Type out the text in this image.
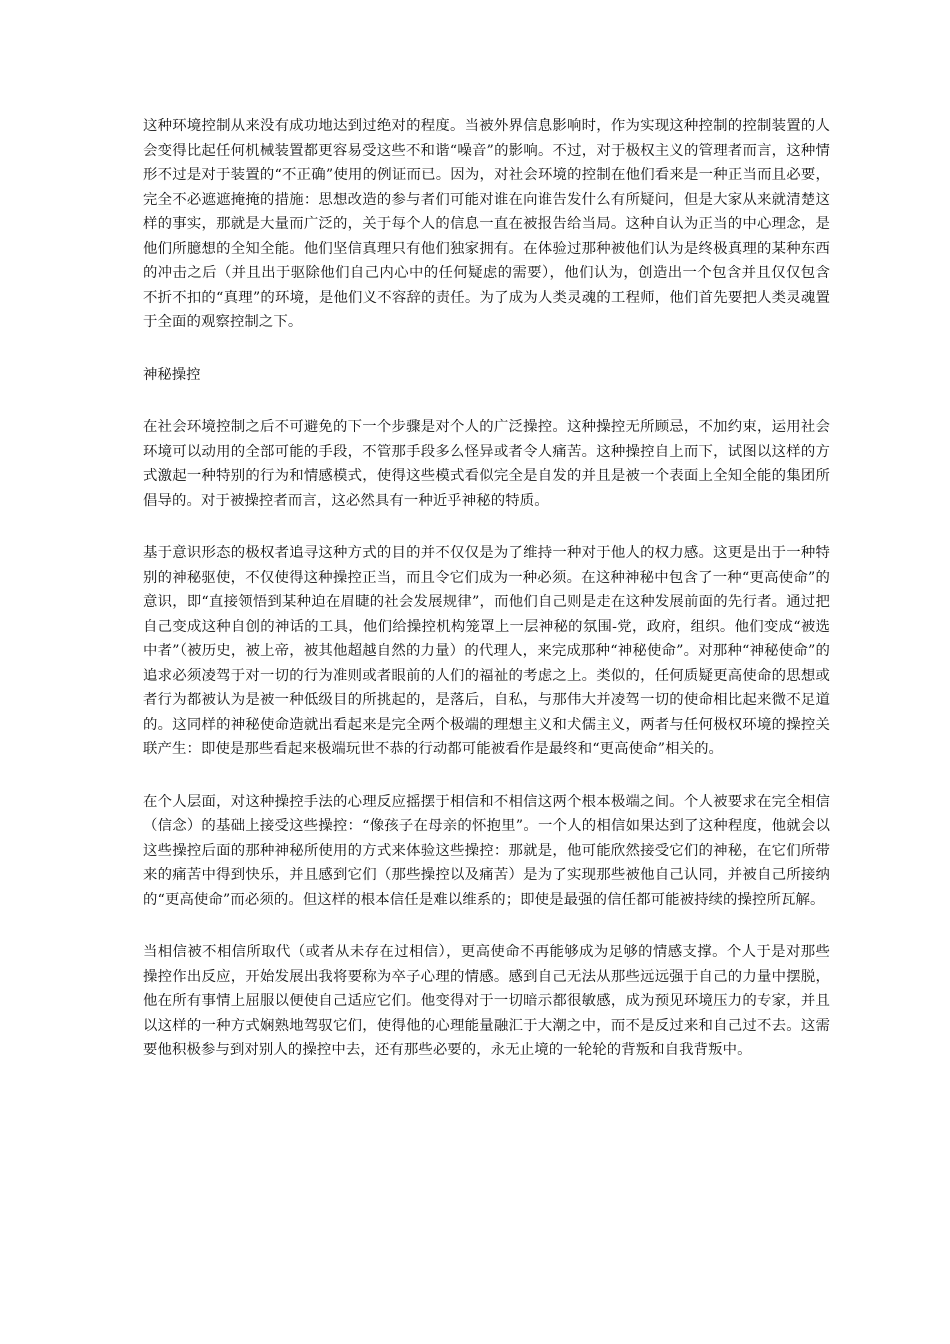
这种环境控制从来没有成功地达到过绝对的程度。当被外界信息影响时，作为实现这种控制的控制装置的人会变得比起任何机械装置都更容易受这些不和谐“噪音”的影响。不过，对于极权主义的管理者而言，这种情形不过是对于装置的“不正确”使用的例证而已。因为，对社会环境的控制在他们看来是一种正当而且必要，完全不必遮遮掩掩的措施：思想改造的参与者们可能对谁在向谁告发什么有所疑问，但是大家从来就清楚这样的事实，那就是大量而广泛的，关于每个人的信息一直在被报告给当局。这种自认为正当的中心理念，是他们所臆想的全知全能。他们坚信真理只有他们独家拥有。在体验过那种被他们认为是终极真理的某种东西的冲击之后（并且出于驱除他们自己内心中的任何疑虑的需要），他们认为，创造出一个包含并且仅仅包含不折不扣的“真理”的环境，是他们义不容辞的责任。为了成为人类灵魂的工程师，他们首先要把人类灵魂置于全面的观察控制之下。

神秘操控

在社会环境控制之后不可避免的下一个步骤是对个人的广泛操控。这种操控无所顾忌，不加约束，运用社会环境可以动用的全部可能的手段，不管那手段多么怪异或者令人痛苦。这种操控自上而下，试图以这样的方式激起一种特别的行为和情感模式，使得这些模式看似完全是自发的并且是被一个表面上全知全能的集团所倡导的。对于被操控者而言，这必然具有一种近乎神秘的特质。

基于意识形态的极权者追寻这种方式的目的并不仅仅是为了维持一种对于他人的权力感。这更是出于一种特别的神秘驱使，不仅使得这种操控正当，而且令它们成为一种必须。在这种神秘中包含了一种“更高使命”的意识，即“直接领悟到某种迫在眉睫的社会发展规律”，而他们自己则是走在这种发展前面的先行者。通过把自己变成这种自创的神话的工具，他们给操控机构笼罩上一层神秘的氛围-党，政府，组织。他们变成“被选中者”（被历史，被上帝，被其他超越自然的力量）的代理人，来完成那种“神秘使命”。对那种“神秘使命”的追求必须凌驾于对一切的行为准则或者眼前的人们的福祉的考虑之上。类似的，任何质疑更高使命的思想或者行为都被认为是被一种低级目的所挑起的，是落后，自私，与那伟大并凌驾一切的使命相比起来微不足道的。这同样的神秘使命造就出看起来是完全两个极端的理想主义和犬儒主义，两者与任何极权环境的操控关联产生：即使是那些看起来极端玩世不恭的行动都可能被看作是最终和“更高使命”相关的。

在个人层面，对这种操控手法的心理反应摇摆于相信和不相信这两个根本极端之间。个人被要求在完全相信（信念）的基础上接受这些操控：“像孩子在母亲的怀抱里”。一个人的相信如果达到了这种程度，他就会以这些操控后面的那种神秘所使用的方式来体验这些操控：那就是，他可能欣然接受它们的神秘，在它们所带来的痛苦中得到快乐，并且感到它们（那些操控以及痛苦）是为了实现那些被他自己认同，并被自己所接纳的“更高使命”而必须的。但这样的根本信任是难以维系的；即使是最强的信任都可能被持续的操控所瓦解。

当相信被不相信所取代（或者从未存在过相信），更高使命不再能够成为足够的情感支撑。个人于是对那些操控作出反应，开始发展出我将要称为卒子心理的情感。感到自己无法从那些远远强于自己的力量中摆脱，他在所有事情上屈服以便使自己适应它们。他变得对于一切暗示都很敏感，成为预见环境压力的专家，并且以这样的一种方式娴熟地驾驭它们，使得他的心理能量融汇于大潮之中，而不是反过来和自己过不去。这需要他积极参与到对别人的操控中去，还有那些必要的，永无止境的一轮轮的背叛和自我背叛中。
